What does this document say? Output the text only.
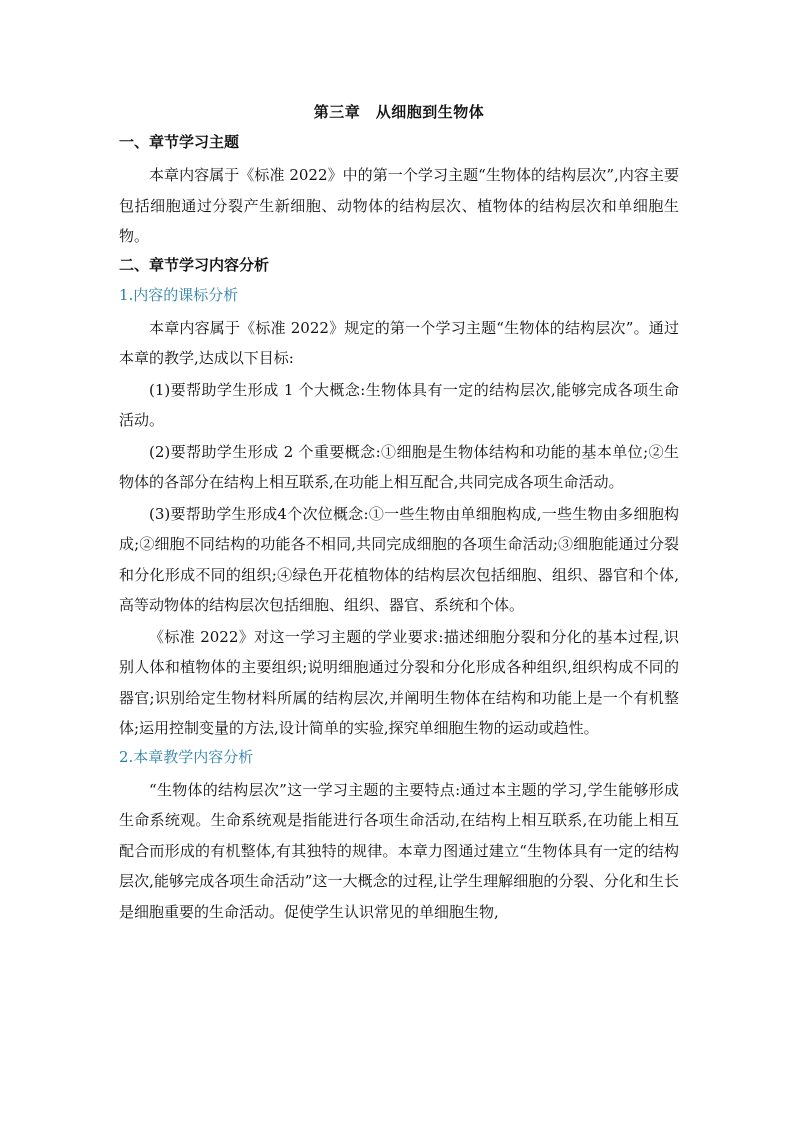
第三章　从细胞到生物体
一、章节学习主题
本章内容属于《标准 2022》中的第一个学习主题“生物体的结构层次”,内容主要包括细胞通过分裂产生新细胞、动物体的结构层次、植物体的结构层次和单细胞生物。
二、章节学习内容分析
1.内容的课标分析
本章内容属于《标准 2022》规定的第一个学习主题“生物体的结构层次”。通过本章的教学,达成以下目标:
(1)要帮助学生形成 1 个大概念:生物体具有一定的结构层次,能够完成各项生命活动。
(2)要帮助学生形成 2 个重要概念:①细胞是生物体结构和功能的基本单位;②生物体的各部分在结构上相互联系,在功能上相互配合,共同完成各项生命活动。
(3)要帮助学生形成4个次位概念:①一些生物由单细胞构成,一些生物由多细胞构成;②细胞不同结构的功能各不相同,共同完成细胞的各项生命活动;③细胞能通过分裂和分化形成不同的组织;④绿色开花植物体的结构层次包括细胞、组织、器官和个体,高等动物体的结构层次包括细胞、组织、器官、系统和个体。
《标准 2022》对这一学习主题的学业要求:描述细胞分裂和分化的基本过程,识别人体和植物体的主要组织;说明细胞通过分裂和分化形成各种组织,组织构成不同的器官;识别给定生物材料所属的结构层次,并阐明生物体在结构和功能上是一个有机整体;运用控制变量的方法,设计简单的实验,探究单细胞生物的运动或趋性。
2.本章教学内容分析
“生物体的结构层次”这一学习主题的主要特点:通过本主题的学习,学生能够形成生命系统观。生命系统观是指能进行各项生命活动,在结构上相互联系,在功能上相互配合而形成的有机整体,有其独特的规律。本章力图通过建立“生物体具有一定的结构层次,能够完成各项生命活动”这一大概念的过程,让学生理解细胞的分裂、分化和生长是细胞重要的生命活动。促使学生认识常见的单细胞生物,
